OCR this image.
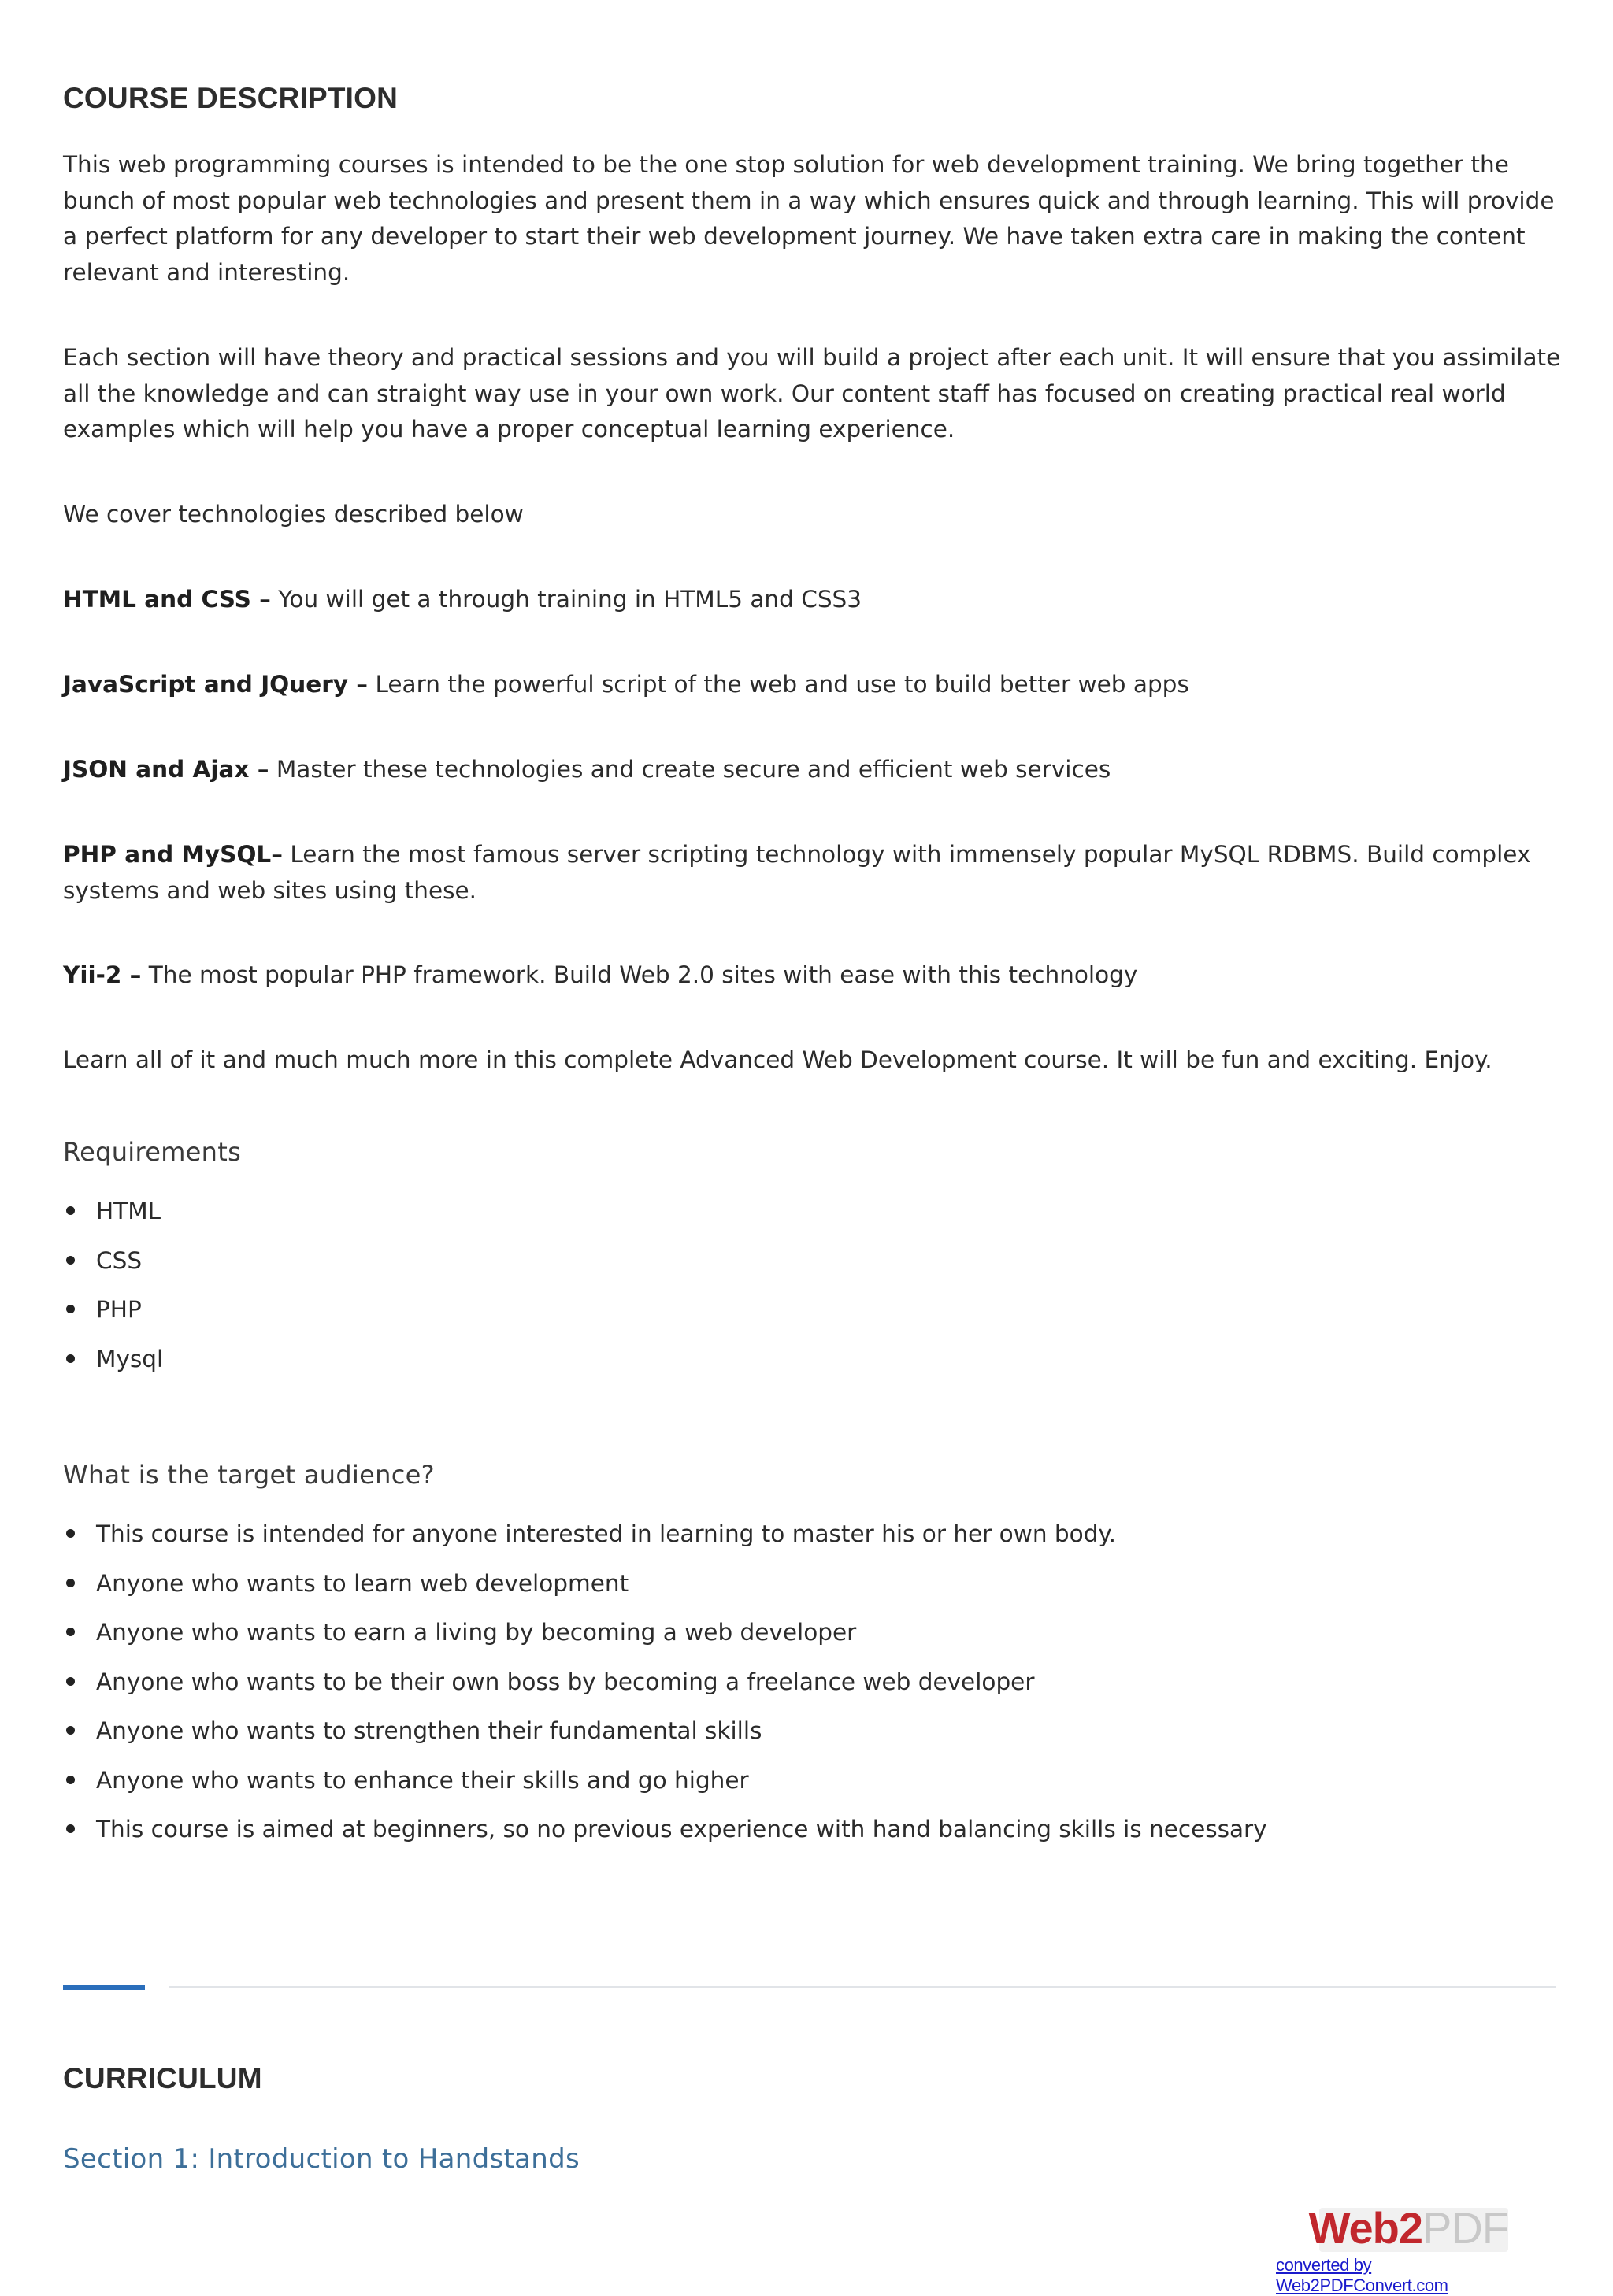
COURSE DESCRIPTION

This web programming courses is intended to be the one stop solution for web development training. We bring together the bunch of most popular web technologies and present them in a way which ensures quick and through learning. This will provide a perfect platform for any developer to start their web development journey. We have taken extra care in making the content relevant and interesting.

Each section will have theory and practical sessions and you will build a project after each unit. It will ensure that you assimilate all the knowledge and can straight way use in your own work. Our content staff has focused on creating practical real world examples which will help you have a proper conceptual learning experience.

We cover technologies described below

HTML and CSS – You will get a through training in HTML5 and CSS3

JavaScript and JQuery – Learn the powerful script of the web and use to build better web apps

JSON and Ajax – Master these technologies and create secure and efficient web services

PHP and MySQL– Learn the most famous server scripting technology with immensely popular MySQL RDBMS. Build complex systems and web sites using these.

Yii-2 – The most popular PHP framework. Build Web 2.0 sites with ease with this technology

Learn all of it and much much more in this complete Advanced Web Development course. It will be fun and exciting. Enjoy.

Requirements
HTML
CSS
PHP
Mysql
What is the target audience?
This course is intended for anyone interested in learning to master his or her own body.
Anyone who wants to learn web development
Anyone who wants to earn a living by becoming a web developer
Anyone who wants to be their own boss by becoming a freelance web developer
Anyone who wants to strengthen their fundamental skills
Anyone who wants to enhance their skills and go higher
This course is aimed at beginners, so no previous experience with hand balancing skills is necessary
CURRICULUM
Section 1: Introduction to Handstands
Web2PDF
converted by Web2PDFConvert.com
